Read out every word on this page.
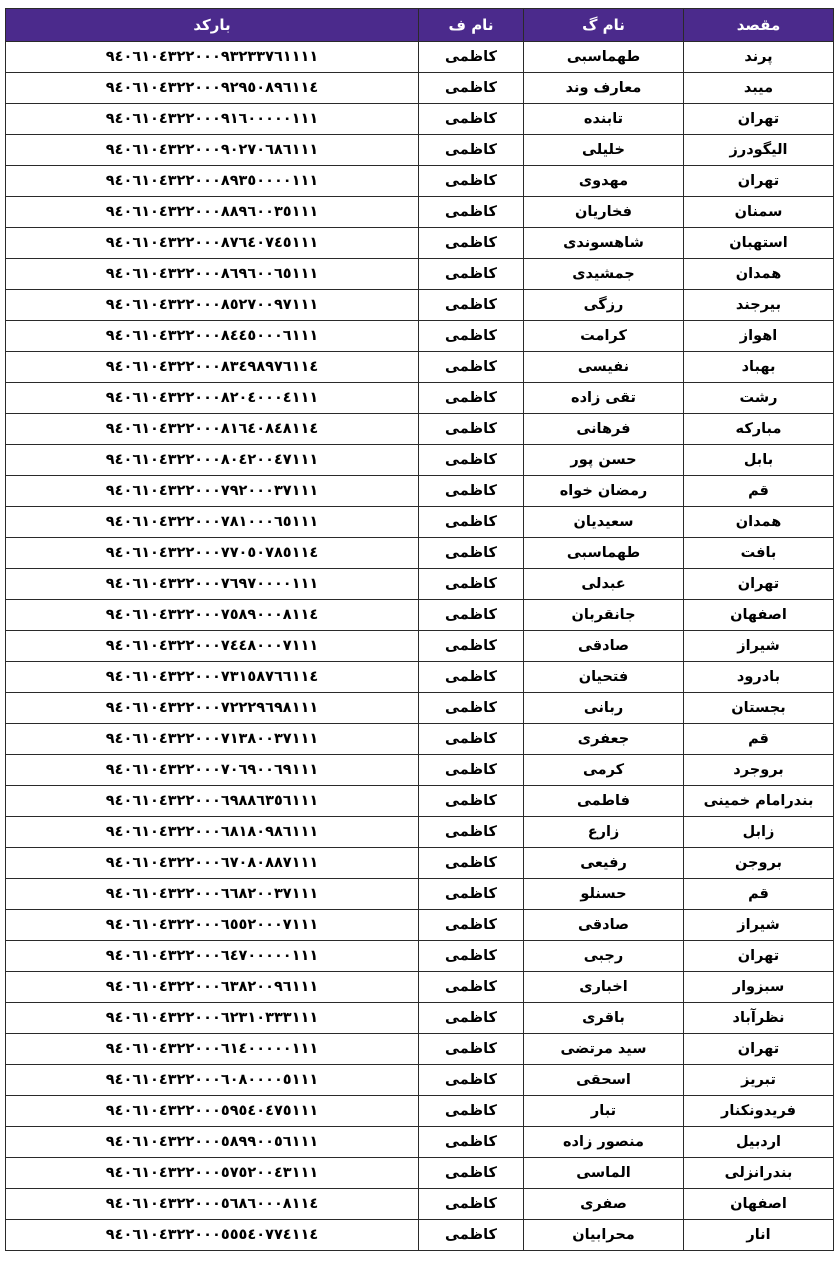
مقصد	نام گ	نام ف	بارکد
پرند	طهماسبی	کاظمی	٩٤٠٦١٠٤٣٢٢٠٠٠٩٣٢٣٣٧٦١١١١
میبد	معارف وند	کاظمی	٩٤٠٦١٠٤٣٢٢٠٠٠٩٢٩٥٠٨٩٦١١٤
تهران	تابنده	کاظمی	٩٤٠٦١٠٤٣٢٢٠٠٠٩١٦٠٠٠٠٠١١١
الیگودرز	خلیلی	کاظمی	٩٤٠٦١٠٤٣٢٢٠٠٠٩٠٢٧٠٦٨٦١١١
تهران	مهدوی	کاظمی	٩٤٠٦١٠٤٣٢٢٠٠٠٨٩٣٥٠٠٠٠١١١
سمنان	فخاریان	کاظمی	٩٤٠٦١٠٤٣٢٢٠٠٠٨٨٩٦٠٠٣٥١١١
استهبان	شاهسوندی	کاظمی	٩٤٠٦١٠٤٣٢٢٠٠٠٨٧٦٤٠٧٤٥١١١
همدان	جمشیدی	کاظمی	٩٤٠٦١٠٤٣٢٢٠٠٠٨٦٩٦٠٠٦٥١١١
بیرجند	رزگی	کاظمی	٩٤٠٦١٠٤٣٢٢٠٠٠٨٥٢٧٠٠٩٧١١١
اهواز	کرامت	کاظمی	٩٤٠٦١٠٤٣٢٢٠٠٠٨٤٤٥٠٠٠٦١١١
بهباد	نفیسی	کاظمی	٩٤٠٦١٠٤٣٢٢٠٠٠٨٣٤٩٨٩٧٦١١٤
رشت	تقی زاده	کاظمی	٩٤٠٦١٠٤٣٢٢٠٠٠٨٢٠٤٠٠٠٤١١١
مبارکه	فرهانی	کاظمی	٩٤٠٦١٠٤٣٢٢٠٠٠٨١٦٤٠٨٤٨١١٤
بابل	حسن پور	کاظمی	٩٤٠٦١٠٤٣٢٢٠٠٠٨٠٤٢٠٠٤٧١١١
قم	رمضان خواه	کاظمی	٩٤٠٦١٠٤٣٢٢٠٠٠٧٩٢٠٠٠٣٧١١١
همدان	سعیدیان	کاظمی	٩٤٠٦١٠٤٣٢٢٠٠٠٧٨١٠٠٠٦٥١١١
بافت	طهماسبی	کاظمی	٩٤٠٦١٠٤٣٢٢٠٠٠٧٧٠٥٠٧٨٥١١٤
تهران	عبدلی	کاظمی	٩٤٠٦١٠٤٣٢٢٠٠٠٧٦٩٧٠٠٠٠١١١
اصفهان	جانقربان	کاظمی	٩٤٠٦١٠٤٣٢٢٠٠٠٧٥٨٩٠٠٠٨١١٤
شیراز	صادقی	کاظمی	٩٤٠٦١٠٤٣٢٢٠٠٠٧٤٤٨٠٠٠٧١١١
بادرود	فتحیان	کاظمی	٩٤٠٦١٠٤٣٢٢٠٠٠٧٣١٥٨٧٦٦١١٤
بجستان	ربانی	کاظمی	٩٤٠٦١٠٤٣٢٢٠٠٠٧٢٢٢٩٦٩٨١١١
قم	جعفری	کاظمی	٩٤٠٦١٠٤٣٢٢٠٠٠٧١٣٨٠٠٣٧١١١
بروجرد	کرمی	کاظمی	٩٤٠٦١٠٤٣٢٢٠٠٠٧٠٦٩٠٠٦٩١١١
بندرامام خمینی	فاطمی	کاظمی	٩٤٠٦١٠٤٣٢٢٠٠٠٦٩٨٨٦٣٥٦١١١
زابل	زارع	کاظمی	٩٤٠٦١٠٤٣٢٢٠٠٠٦٨١٨٠٩٨٦١١١
بروجن	رفیعی	کاظمی	٩٤٠٦١٠٤٣٢٢٠٠٠٦٧٠٨٠٨٨٧١١١
قم	حسنلو	کاظمی	٩٤٠٦١٠٤٣٢٢٠٠٠٦٦٨٢٠٠٣٧١١١
شیراز	صادقی	کاظمی	٩٤٠٦١٠٤٣٢٢٠٠٠٦٥٥٢٠٠٠٧١١١
تهران	رجبی	کاظمی	٩٤٠٦١٠٤٣٢٢٠٠٠٦٤٧٠٠٠٠٠١١١
سبزوار	اخباری	کاظمی	٩٤٠٦١٠٤٣٢٢٠٠٠٦٣٨٢٠٠٩٦١١١
نظرآباد	باقری	کاظمی	٩٤٠٦١٠٤٣٢٢٠٠٠٦٢٣١٠٣٣٣١١١
تهران	سید مرتضی	کاظمی	٩٤٠٦١٠٤٣٢٢٠٠٠٦١٤٠٠٠٠٠١١١
تبریز	اسحقی	کاظمی	٩٤٠٦١٠٤٣٢٢٠٠٠٦٠٨٠٠٠٠٥١١١
فریدونکنار	تبار	کاظمی	٩٤٠٦١٠٤٣٢٢٠٠٠٥٩٥٤٠٤٧٥١١١
اردبیل	منصور زاده	کاظمی	٩٤٠٦١٠٤٣٢٢٠٠٠٥٨٩٩٠٠٥٦١١١
بندرانزلی	الماسی	کاظمی	٩٤٠٦١٠٤٣٢٢٠٠٠٥٧٥٢٠٠٤٣١١١
اصفهان	صفری	کاظمی	٩٤٠٦١٠٤٣٢٢٠٠٠٥٦٨٦٠٠٠٨١١٤
انار	محرابیان	کاظمی	٩٤٠٦١٠٤٣٢٢٠٠٠٥٥٥٤٠٧٧٤١١٤
